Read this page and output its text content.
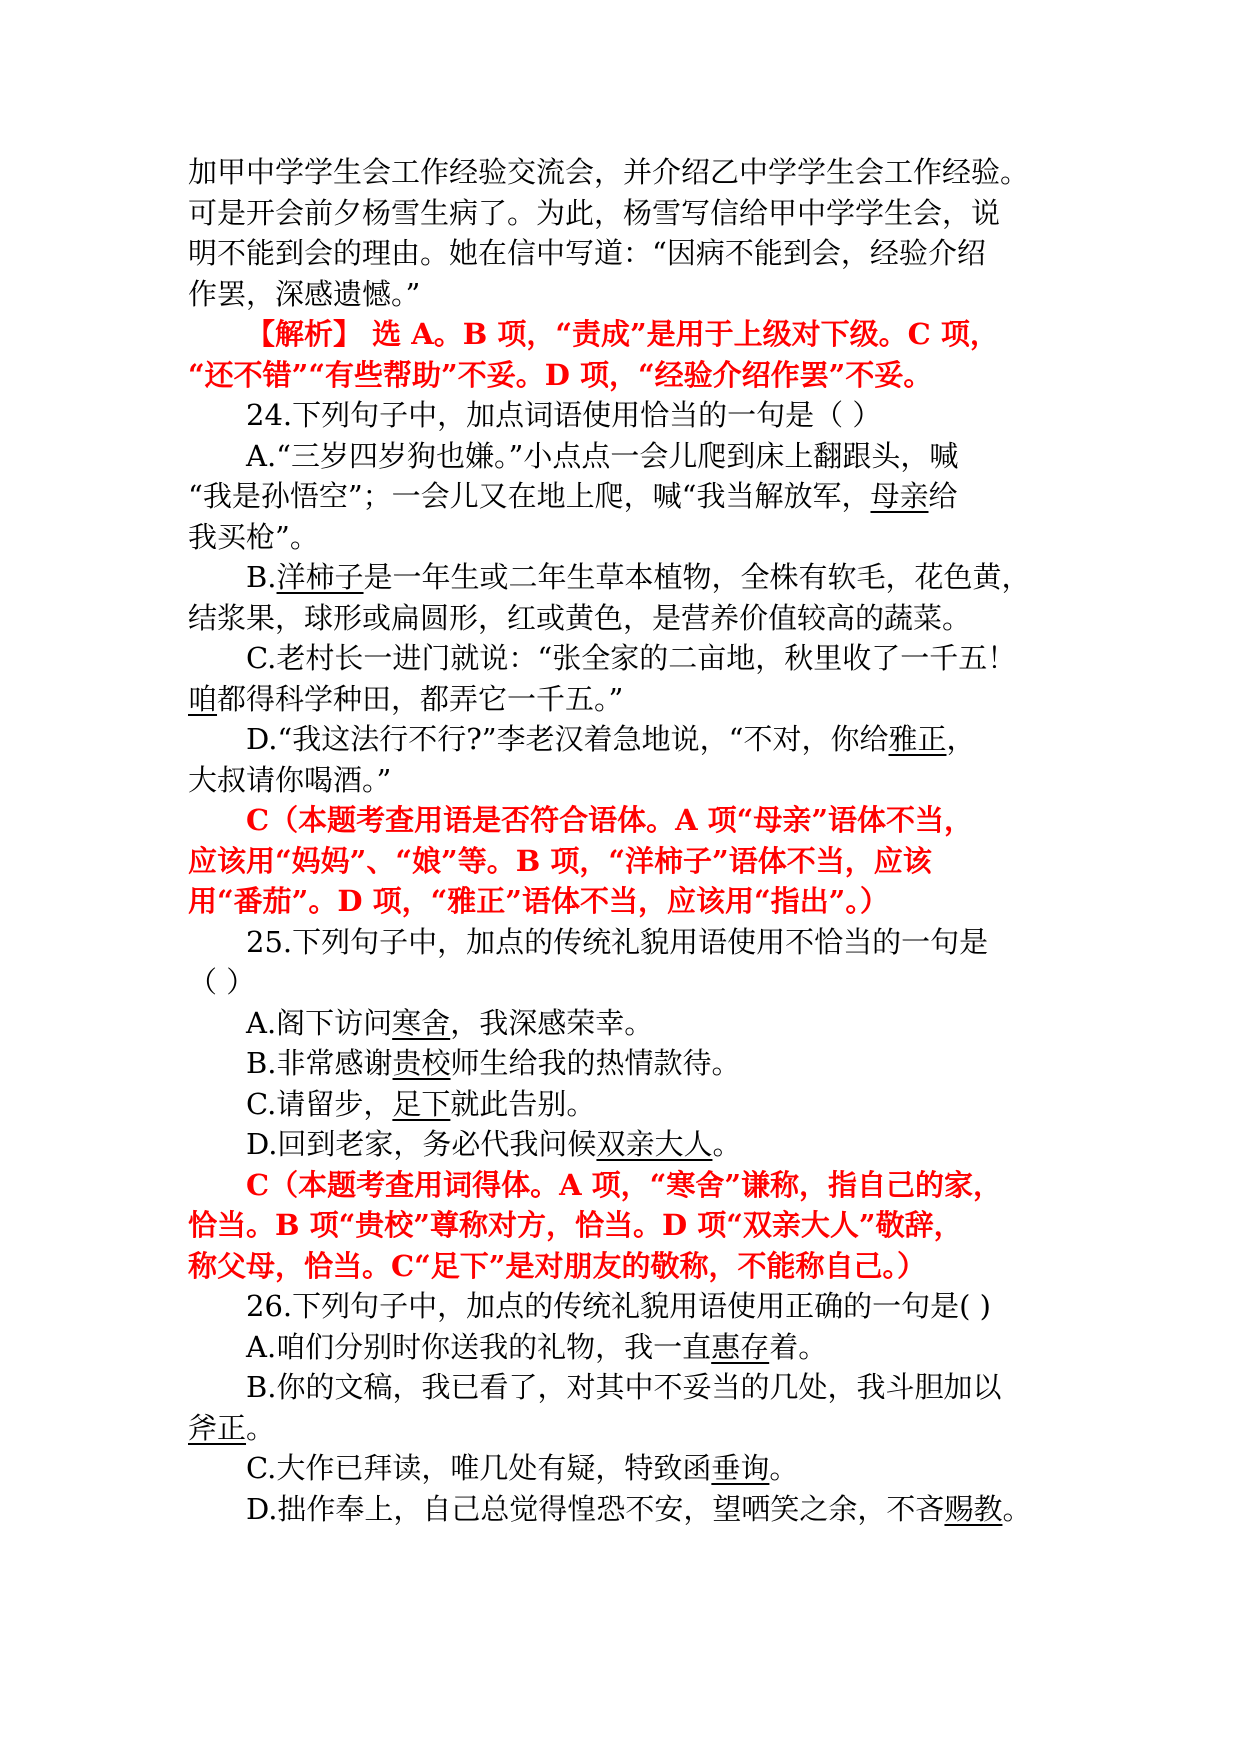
加甲中学学生会工作经验交流会，并介绍乙中学学生会工作经验。

可是开会前夕杨雪生病了。为此，杨雪写信给甲中学学生会，说

明不能到会的理由。她在信中写道：“因病不能到会，经验介绍

作罢，深感遗憾。”

【解析】 选 A。B 项，“责成”是用于上级对下级。C 项，

“还不错”“有些帮助”不妥。D 项，“经验介绍作罢”不妥。

24.下列句子中，加点词语使用恰当的一句是（ ）

A.“三岁四岁狗也嫌。”小点点一会儿爬到床上翻跟头，喊

“我是孙悟空”；一会儿又在地上爬，喊“我当解放军，母亲给

我买枪”。

B.洋柿子是一年生或二年生草本植物，全株有软毛，花色黄，

结浆果，球形或扁圆形，红或黄色，是营养价值较高的蔬菜。

C.老村长一进门就说：“张全家的二亩地，秋里收了一千五！

咱都得科学种田，都弄它一千五。”

D.“我这法行不行?”李老汉着急地说，“不对，你给雅正，

大叔请你喝酒。”

C（本题考查用语是否符合语体。A 项“母亲”语体不当，

应该用“妈妈”、“娘”等。B 项，“洋柿子”语体不当，应该

用“番茄”。D 项，“雅正”语体不当，应该用“指出”。）

25.下列句子中，加点的传统礼貌用语使用不恰当的一句是

（ ）

A.阁下访问寒舍，我深感荣幸。

B.非常感谢贵校师生给我的热情款待。

C.请留步，足下就此告别。

D.回到老家，务必代我问候双亲大人。

C（本题考查用词得体。A 项，“寒舍”谦称，指自己的家，

恰当。B 项“贵校”尊称对方，恰当。D 项“双亲大人”敬辞，

称父母，恰当。C“足下”是对朋友的敬称，不能称自己。）

26.下列句子中，加点的传统礼貌用语使用正确的一句是( )

A.咱们分别时你送我的礼物，我一直惠存着。

B.你的文稿，我已看了，对其中不妥当的几处，我斗胆加以

斧正。

C.大作已拜读，唯几处有疑，特致函垂询。

D.拙作奉上，自己总觉得惶恐不安，望哂笑之余，不吝赐教。
